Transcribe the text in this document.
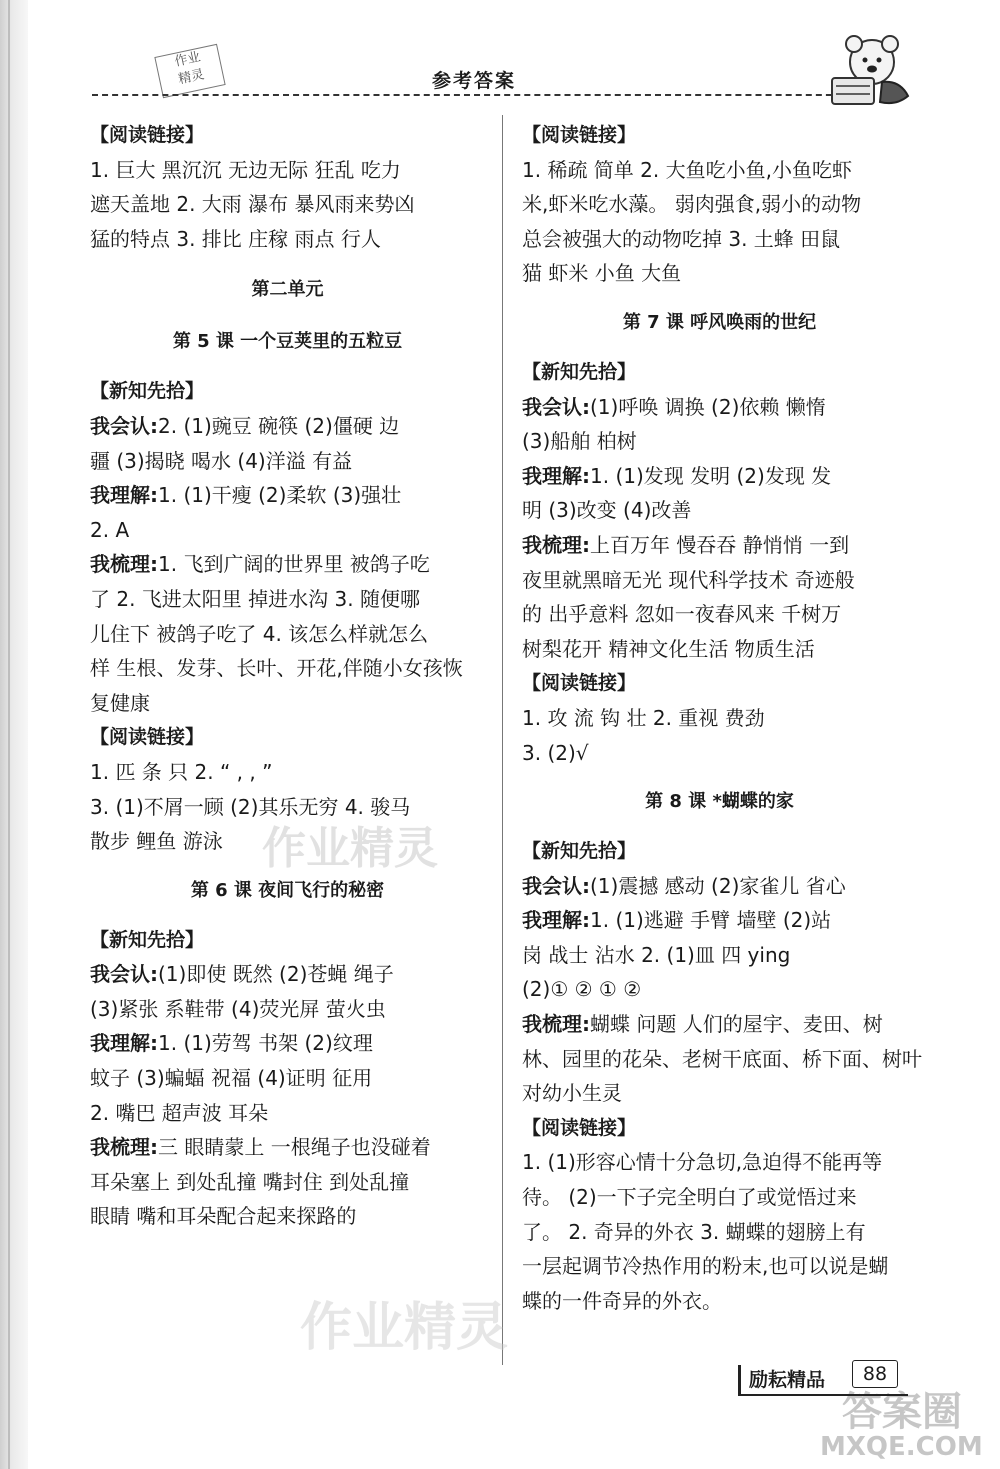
作业
精灵	参考答案
【阅读链接】
1. 巨大 黑沉沉 无边无际 狂乱 吃力
遮天盖地 2. 大雨 瀑布 暴风雨来势凶
猛的特点 3. 排比 庄稼 雨点 行人
第二单元
第 5 课 一个豆荚里的五粒豆
【新知先拾】
我会认:2. (1)豌豆 碗筷 (2)僵硬 边
疆 (3)揭晓 喝水 (4)洋溢 有益
我理解:1. (1)干瘦 (2)柔软 (3)强壮
2. A
我梳理:1. 飞到广阔的世界里 被鸽子吃
了 2. 飞进太阳里 掉进水沟 3. 随便哪
儿住下 被鸽子吃了 4. 该怎么样就怎么
样 生根、发芽、长叶、开花,伴随小女孩恢
复健康
【阅读链接】
1. 匹 条 只 2. “ , , ”
3. (1)不屑一顾 (2)其乐无穷 4. 骏马
散步 鲤鱼 游泳
第 6 课 夜间飞行的秘密
【新知先拾】
我会认:(1)即使 既然 (2)苍蝇 绳子
(3)紧张 系鞋带 (4)荧光屏 萤火虫
我理解:1. (1)劳驾 书架 (2)纹理
蚊子 (3)蝙蝠 祝福 (4)证明 征用
2. 嘴巴 超声波 耳朵
我梳理:三 眼睛蒙上 一根绳子也没碰着
耳朵塞上 到处乱撞 嘴封住 到处乱撞
眼睛 嘴和耳朵配合起来探路的
【阅读链接】
1. 稀疏 简单 2. 大鱼吃小鱼,小鱼吃虾
米,虾米吃水藻。 弱肉强食,弱小的动物
总会被强大的动物吃掉 3. 土蜂 田鼠
猫 虾米 小鱼 大鱼
第 7 课 呼风唤雨的世纪
【新知先拾】
我会认:(1)呼唤 调换 (2)依赖 懒惰
(3)船舶 柏树
我理解:1. (1)发现 发明 (2)发现 发
明 (3)改变 (4)改善
我梳理:上百万年 慢吞吞 静悄悄 一到
夜里就黑暗无光 现代科学技术 奇迹般
的 出乎意料 忽如一夜春风来 千树万
树梨花开 精神文化生活 物质生活
【阅读链接】
1. 攻 流 钩 壮 2. 重视 费劲
3. (2)√
第 8 课 *蝴蝶的家
【新知先拾】
我会认:(1)震撼 感动 (2)家雀儿 省心
我理解:1. (1)逃避 手臂 墙壁 (2)站
岗 战士 沾水 2. (1)皿 四 ying
(2)① ② ① ②
我梳理:蝴蝶 问题 人们的屋宇、麦田、树
林、园里的花朵、老树干底面、桥下面、树叶
对幼小生灵
【阅读链接】
1. (1)形容心情十分急切,急迫得不能再等
待。 (2)一下子完全明白了或觉悟过来
了。 2. 奇异的外衣 3. 蝴蝶的翅膀上有
一层起调节冷热作用的粉末,也可以说是蝴
蝶的一件奇异的外衣。
作业精灵
作业精灵
答案圈
MXQE.COM
励耘精品	88
